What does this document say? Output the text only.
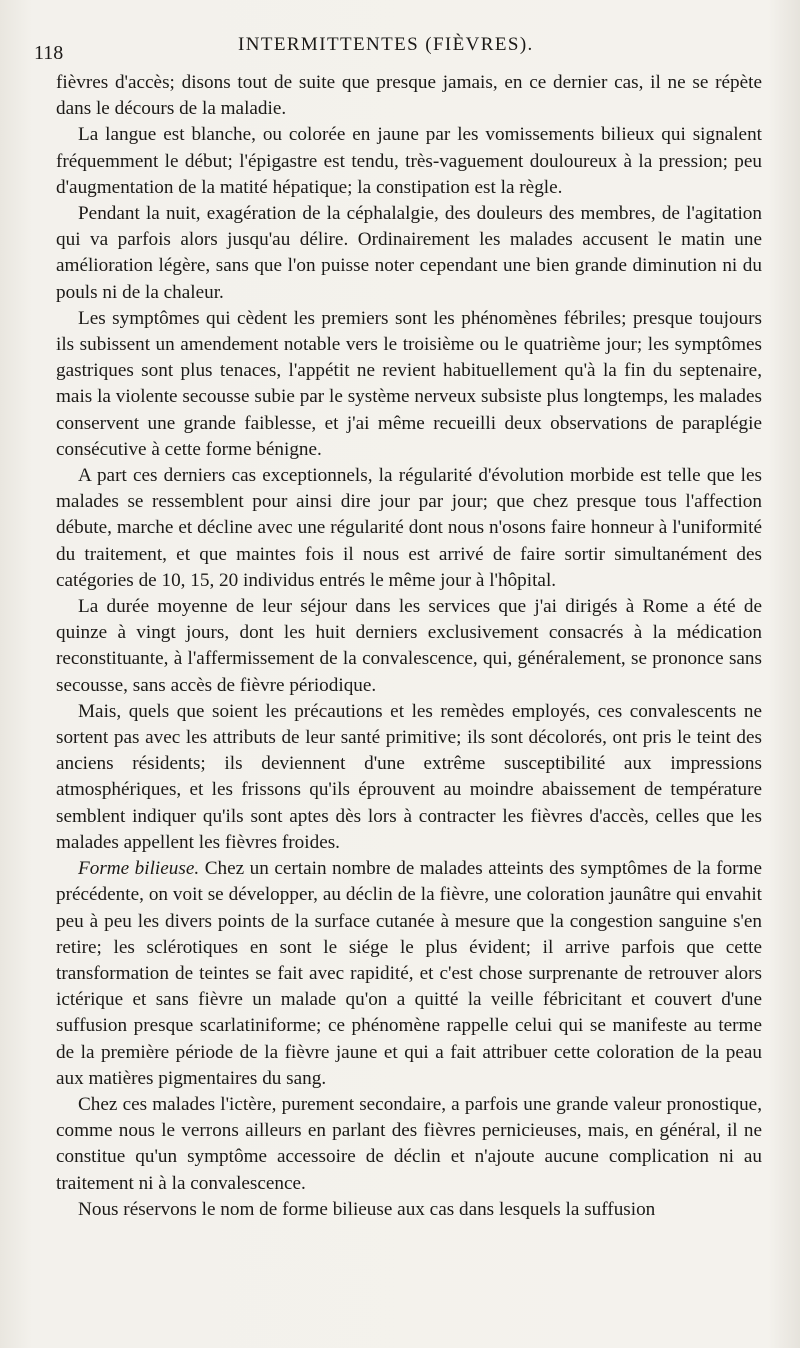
118	INTERMITTENTES (FIÈVRES).

fièvres d'accès; disons tout de suite que presque jamais, en ce dernier cas, il ne se répète dans le décours de la maladie.

La langue est blanche, ou colorée en jaune par les vomissements bilieux qui signalent fréquemment le début; l'épigastre est tendu, très-vaguement douloureux à la pression; peu d'augmentation de la matité hépatique; la constipation est la règle.

Pendant la nuit, exagération de la céphalalgie, des douleurs des membres, de l'agitation qui va parfois alors jusqu'au délire. Ordinairement les malades accusent le matin une amélioration légère, sans que l'on puisse noter cependant une bien grande diminution ni du pouls ni de la chaleur.

Les symptômes qui cèdent les premiers sont les phénomènes fébriles; presque toujours ils subissent un amendement notable vers le troisième ou le quatrième jour; les symptômes gastriques sont plus tenaces, l'appétit ne revient habituellement qu'à la fin du septenaire, mais la violente secousse subie par le système nerveux subsiste plus longtemps, les malades conservent une grande faiblesse, et j'ai même recueilli deux observations de paraplégie consécutive à cette forme bénigne.

A part ces derniers cas exceptionnels, la régularité d'évolution morbide est telle que les malades se ressemblent pour ainsi dire jour par jour; que chez presque tous l'affection débute, marche et décline avec une régularité dont nous n'osons faire honneur à l'uniformité du traitement, et que maintes fois il nous est arrivé de faire sortir simultanément des catégories de 10, 15, 20 individus entrés le même jour à l'hôpital.

La durée moyenne de leur séjour dans les services que j'ai dirigés à Rome a été de quinze à vingt jours, dont les huit derniers exclusivement consacrés à la médication reconstituante, à l'affermissement de la convalescence, qui, généralement, se prononce sans secousse, sans accès de fièvre périodique.

Mais, quels que soient les précautions et les remèdes employés, ces convalescents ne sortent pas avec les attributs de leur santé primitive; ils sont décolorés, ont pris le teint des anciens résidents; ils deviennent d'une extrême susceptibilité aux impressions atmosphériques, et les frissons qu'ils éprouvent au moindre abaissement de température semblent indiquer qu'ils sont aptes dès lors à contracter les fièvres d'accès, celles que les malades appellent les fièvres froides.

Forme bilieuse. Chez un certain nombre de malades atteints des symptômes de la forme précédente, on voit se développer, au déclin de la fièvre, une coloration jaunâtre qui envahit peu à peu les divers points de la surface cutanée à mesure que la congestion sanguine s'en retire; les sclérotiques en sont le siége le plus évident; il arrive parfois que cette transformation de teintes se fait avec rapidité, et c'est chose surprenante de retrouver alors ictérique et sans fièvre un malade qu'on a quitté la veille fébricitant et couvert d'une suffusion presque scarlatiniforme; ce phénomène rappelle celui qui se manifeste au terme de la première période de la fièvre jaune et qui a fait attribuer cette coloration de la peau aux matières pigmentaires du sang.

Chez ces malades l'ictère, purement secondaire, a parfois une grande valeur pronostique, comme nous le verrons ailleurs en parlant des fièvres pernicieuses, mais, en général, il ne constitue qu'un symptôme accessoire de déclin et n'ajoute aucune complication ni au traitement ni à la convalescence.

Nous réservons le nom de forme bilieuse aux cas dans lesquels la suffusion
